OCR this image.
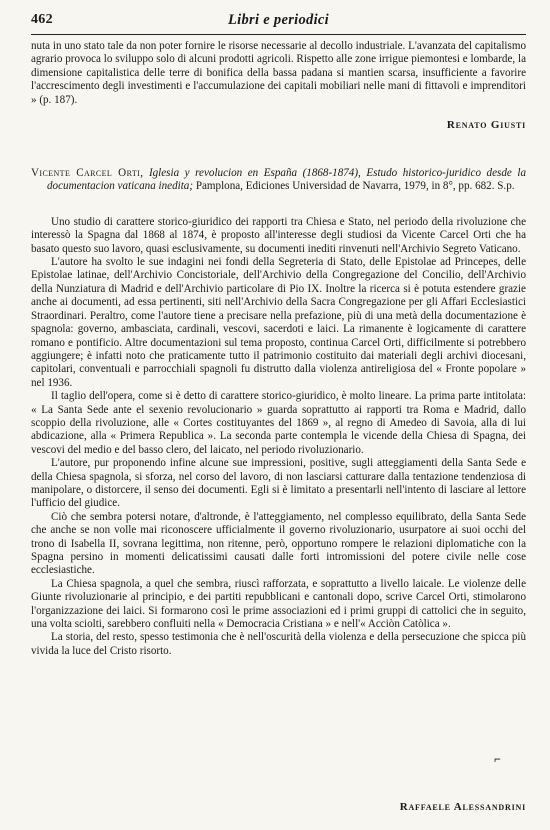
462	Libri e periodici

nuta in uno stato tale da non poter fornire le risorse necessarie al decollo industriale. L'avanzata del capitalismo agrario provoca lo sviluppo solo di alcuni prodotti agricoli. Rispetto alle zone irrigue piemontesi e lombarde, la dimensione capitalistica delle terre di bonifica della bassa padana si mantien scarsa, insufficiente a favorire l'accrescimento degli investimenti e l'accumulazione dei capitali mobiliari nelle mani di fittavoli e imprenditori » (p. 187).

Renato Giusti

Vicente Carcel Orti, Iglesia y revolucion en España (1868-1874), Estudo historico-juridico desde la documentacion vaticana inedita; Pamplona, Ediciones Universidad de Navarra, 1979, in 8°, pp. 682. S.p.

Uno studio di carattere storico-giuridico dei rapporti tra Chiesa e Stato, nel periodo della rivoluzione che interessò la Spagna dal 1868 al 1874, è proposto all'interesse degli studiosi da Vicente Carcel Orti che ha basato questo suo lavoro, quasi esclusivamente, su documenti inediti rinvenuti nell'Archivio Segreto Vaticano.

L'autore ha svolto le sue indagini nei fondi della Segreteria di Stato, delle Epistolae ad Princepes, delle Epistolae latinae, dell'Archivio Concistoriale, dell'Archivio della Congregazione del Concilio, dell'Archivio della Nunziatura di Madrid e dell'Archivio particolare di Pio IX. Inoltre la ricerca si è potuta estendere grazie anche ai documenti, ad essa pertinenti, siti nell'Archivio della Sacra Congregazione per gli Affari Ecclesiastici Straordinari. Peraltro, come l'autore tiene a precisare nella prefazione, più di una metà della documentazione è spagnola: governo, ambasciata, cardinali, vescovi, sacerdoti e laici. La rimanente è logicamente di carattere romano e pontificio. Altre documentazioni sul tema proposto, continua Carcel Orti, difficilmente si potrebbero aggiungere; è infatti noto che praticamente tutto il patrimonio costituito dai materiali degli archivi diocesani, capitolari, conventuali e parrocchiali spagnoli fu distrutto dalla violenza antireligiosa del « Fronte popolare » nel 1936.

Il taglio dell'opera, come si è detto di carattere storico-giuridico, è molto lineare. La prima parte intitolata: « La Santa Sede ante el sexenio revolucionario » guarda soprattutto ai rapporti tra Roma e Madrid, dallo scoppio della rivoluzione, alle « Cortes costituyantes del 1869 », al regno di Amedeo di Savoia, alla di lui abdicazione, alla « Primera Republica ». La seconda parte contempla le vicende della Chiesa di Spagna, dei vescovi del medio e del basso clero, del laicato, nel periodo rivoluzionario.

L'autore, pur proponendo infine alcune sue impressioni, positive, sugli atteggiamenti della Santa Sede e della Chiesa spagnola, si sforza, nel corso del lavoro, di non lasciarsi catturare dalla tentazione tendenziosa di manipolare, o distorcere, il senso dei documenti. Egli si è limitato a presentarli nell'intento di lasciare al lettore l'ufficio del giudice.

Ciò che sembra potersi notare, d'altronde, è l'atteggiamento, nel complesso equilibrato, della Santa Sede che anche se non volle mai riconoscere ufficialmente il governo rivoluzionario, usurpatore ai suoi occhi del trono di Isabella II, sovrana legittima, non ritenne, però, opportuno rompere le relazioni diplomatiche con la Spagna persino in momenti delicatissimi causati dalle forti intromissioni del potere civile nelle cose ecclesiastiche.

La Chiesa spagnola, a quel che sembra, riuscì rafforzata, e soprattutto a livello laicale. Le violenze delle Giunte rivoluzionarie al principio, e dei partiti repubblicani e cantonali dopo, scrive Carcel Orti, stimolarono l'organizzazione dei laici. Si formarono così le prime associazioni ed i primi gruppi di cattolici che in seguito, una volta sciolti, sarebbero confluiti nella « Democracia Cristiana » e nell'« Acciòn Catòlica ».

La storia, del resto, spesso testimonia che è nell'oscurità della violenza e della persecuzione che spicca più vivida la luce del Cristo risorto.

⌐
Raffaele Alessandrini
